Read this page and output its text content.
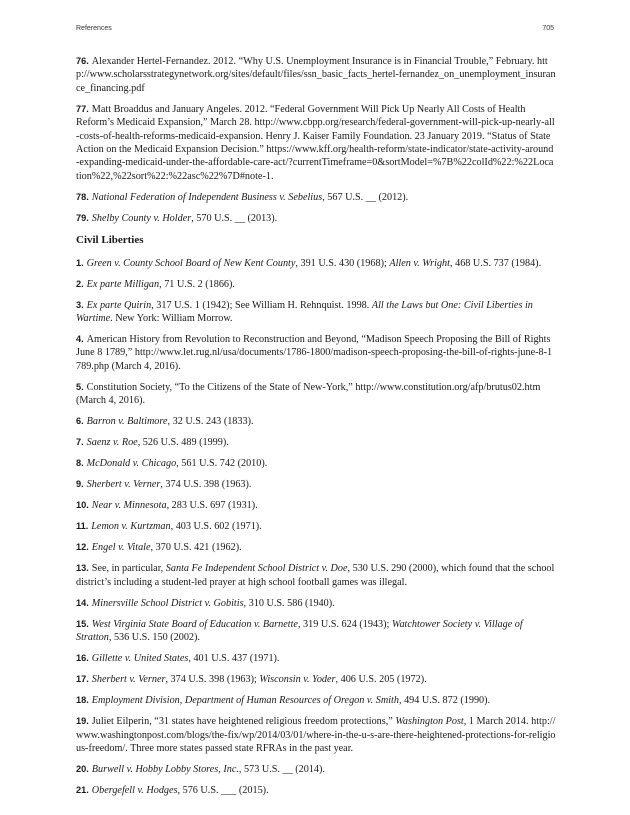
References	705
76. Alexander Hertel-Fernandez. 2012. “Why U.S. Unemployment Insurance is in Financial Trouble,” February. http://www.scholarsstrategynetwork.org/sites/default/files/ssn_basic_facts_hertel-fernandez_on_unemployment_insurance_financing.pdf
77. Matt Broaddus and January Angeles. 2012. “Federal Government Will Pick Up Nearly All Costs of Health Reform’s Medicaid Expansion,” March 28. http://www.cbpp.org/research/federal-government-will-pick-up-nearly-all-costs-of-health-reforms-medicaid-expansion. Henry J. Kaiser Family Foundation. 23 January 2019. “Status of State Action on the Medicaid Expansion Decision.” https://www.kff.org/health-reform/state-indicator/state-activity-around-expanding-medicaid-under-the-affordable-care-act/?currentTimeframe=0&sortModel=%7B%22colId%22:%22Location%22,%22sort%22:%22asc%22%7D#note-1.
78. National Federation of Independent Business v. Sebelius, 567 U.S. __ (2012).
79. Shelby County v. Holder, 570 U.S. __ (2013).
Civil Liberties
1. Green v. County School Board of New Kent County, 391 U.S. 430 (1968); Allen v. Wright, 468 U.S. 737 (1984).
2. Ex parte Milligan, 71 U.S. 2 (1866).
3. Ex parte Quirin, 317 U.S. 1 (1942); See William H. Rehnquist. 1998. All the Laws but One: Civil Liberties in Wartime. New York: William Morrow.
4. American History from Revolution to Reconstruction and Beyond, “Madison Speech Proposing the Bill of Rights June 8 1789,” http://www.let.rug.nl/usa/documents/1786-1800/madison-speech-proposing-the-bill-of-rights-june-8-1789.php (March 4, 2016).
5. Constitution Society, “To the Citizens of the State of New-York,” http://www.constitution.org/afp/brutus02.htm (March 4, 2016).
6. Barron v. Baltimore, 32 U.S. 243 (1833).
7. Saenz v. Roe, 526 U.S. 489 (1999).
8. McDonald v. Chicago, 561 U.S. 742 (2010).
9. Sherbert v. Verner, 374 U.S. 398 (1963).
10. Near v. Minnesota, 283 U.S. 697 (1931).
11. Lemon v. Kurtzman, 403 U.S. 602 (1971).
12. Engel v. Vitale, 370 U.S. 421 (1962).
13. See, in particular, Santa Fe Independent School District v. Doe, 530 U.S. 290 (2000), which found that the school district’s including a student-led prayer at high school football games was illegal.
14. Minersville School District v. Gobitis, 310 U.S. 586 (1940).
15. West Virginia State Board of Education v. Barnette, 319 U.S. 624 (1943); Watchtower Society v. Village of Stratton, 536 U.S. 150 (2002).
16. Gillette v. United States, 401 U.S. 437 (1971).
17. Sherbert v. Verner, 374 U.S. 398 (1963); Wisconsin v. Yoder, 406 U.S. 205 (1972).
18. Employment Division, Department of Human Resources of Oregon v. Smith, 494 U.S. 872 (1990).
19. Juliet Eilperin, “31 states have heightened religious freedom protections,” Washington Post, 1 March 2014. http://www.washingtonpost.com/blogs/the-fix/wp/2014/03/01/where-in-the-u-s-are-there-heightened-protections-for-religious-freedom/. Three more states passed state RFRAs in the past year.
20. Burwell v. Hobby Lobby Stores, Inc., 573 U.S. __ (2014).
21. Obergefell v. Hodges, 576 U.S. ___ (2015).
